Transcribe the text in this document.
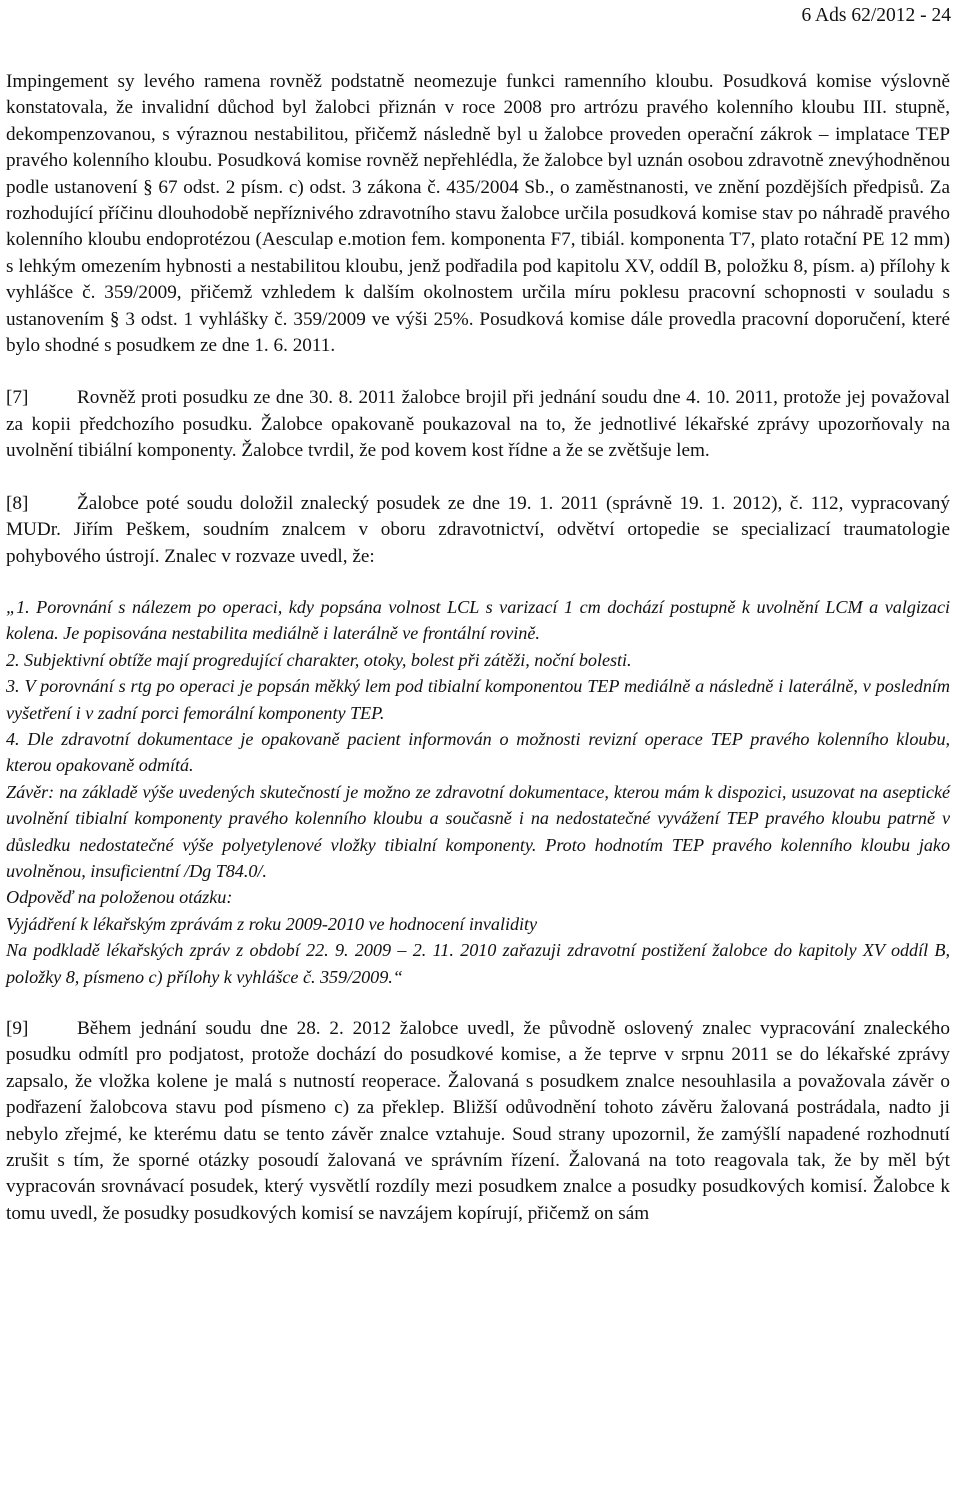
6 Ads 62/2012 - 24

Impingement sy levého ramena rovněž podstatně neomezuje funkci ramenního kloubu. Posudková komise výslovně konstatovala, že invalidní důchod byl žalobci přiznán v roce 2008 pro artrózu pravého kolenního kloubu III. stupně, dekompenzovanou, s výraznou nestabilitou, přičemž následně byl u žalobce proveden operační zákrok – implatace TEP pravého kolenního kloubu. Posudková komise rovněž nepřehlédla, že žalobce byl uznán osobou zdravotně znevýhodněnou podle ustanovení § 67 odst. 2 písm. c) odst. 3 zákona č. 435/2004 Sb., o zaměstnanosti, ve znění pozdějších předpisů. Za rozhodující příčinu dlouhodobě nepříznivého zdravotního stavu žalobce určila posudková komise stav po náhradě pravého kolenního kloubu endoprotézou (Aesculap e.motion fem. komponenta F7, tibiál. komponenta T7, plato rotační PE 12 mm) s lehkým omezením hybnosti a nestabilitou kloubu, jenž podřadila pod kapitolu XV, oddíl B, položku 8, písm. a) přílohy k vyhlášce č. 359/2009, přičemž vzhledem k dalším okolnostem určila míru poklesu pracovní schopnosti v souladu s ustanovením § 3 odst. 1 vyhlášky č. 359/2009 ve výši 25%. Posudková komise dále provedla pracovní doporučení, které bylo shodné s posudkem ze dne 1. 6. 2011.

[7]	Rovněž proti posudku ze dne 30. 8. 2011 žalobce brojil při jednání soudu dne 4. 10. 2011, protože jej považoval za kopii předchozího posudku. Žalobce opakovaně poukazoval na to, že jednotlivé lékařské zprávy upozorňovaly na uvolnění tibiální komponenty. Žalobce tvrdil, že pod kovem kost řídne a že se zvětšuje lem.

[8]	Žalobce poté soudu doložil znalecký posudek ze dne 19. 1. 2011 (správně 19. 1. 2012), č. 112, vypracovaný MUDr. Jiřím Peškem, soudním znalcem v oboru zdravotnictví, odvětví ortopedie se specializací traumatologie pohybového ústrojí. Znalec v rozvaze uvedl, že:

„1. Porovnání s nálezem po operaci, kdy popsána volnost LCL s varizací 1 cm dochází postupně k uvolnění LCM a valgizaci kolena. Je popisována nestabilita mediálně i laterálně ve frontální rovině.

2. Subjektivní obtíže mají progredující charakter, otoky, bolest při zátěži, noční bolesti.

3. V porovnání s rtg po operaci je popsán měkký lem pod tibialní komponentou TEP mediálně a následně i laterálně, v posledním vyšetření i v zadní porci femorální komponenty TEP.

4. Dle zdravotní dokumentace je opakovaně pacient informován o možnosti revizní operace TEP pravého kolenního kloubu, kterou opakovaně odmítá.

Závěr: na základě výše uvedených skutečností je možno ze zdravotní dokumentace, kterou mám k dispozici, usuzovat na aseptické uvolnění tibialní komponenty pravého kolenního kloubu a současně i na nedostatečné vyvážení TEP pravého kloubu patrně v důsledku nedostatečné výše polyetylenové vložky tibialní komponenty. Proto hodnotím TEP pravého kolenního kloubu jako uvolněnou, insuficientní /Dg T84.0/.

Odpověď na položenou otázku:

Vyjádření k lékařským zprávám z roku 2009-2010 ve hodnocení invalidity

Na podkladě lékařských zpráv z období 22. 9. 2009 – 2. 11. 2010 zařazuji zdravotní postižení žalobce do kapitoly XV oddíl B, položky 8, písmeno c) přílohy k vyhlášce č. 359/2009.“

[9]	Během jednání soudu dne 28. 2. 2012 žalobce uvedl, že původně oslovený znalec vypracování znaleckého posudku odmítl pro podjatost, protože dochází do posudkové komise, a že teprve v srpnu 2011 se do lékařské zprávy zapsalo, že vložka kolene je malá s nutností reoperace. Žalovaná s posudkem znalce nesouhlasila a považovala závěr o podřazení žalobcova stavu pod písmeno c) za překlep. Bližší odůvodnění tohoto závěru žalovaná postrádala, nadto ji nebylo zřejmé, ke kterému datu se tento závěr znalce vztahuje. Soud strany upozornil, že zamýšlí napadené rozhodnutí zrušit s tím, že sporné otázky posoudí žalovaná ve správním řízení. Žalovaná na toto reagovala tak, že by měl být vypracován srovnávací posudek, který vysvětlí rozdíly mezi posudkem znalce a posudky posudkových komisí. Žalobce k tomu uvedl, že posudky posudkových komisí se navzájem kopírují, přičemž on sám
